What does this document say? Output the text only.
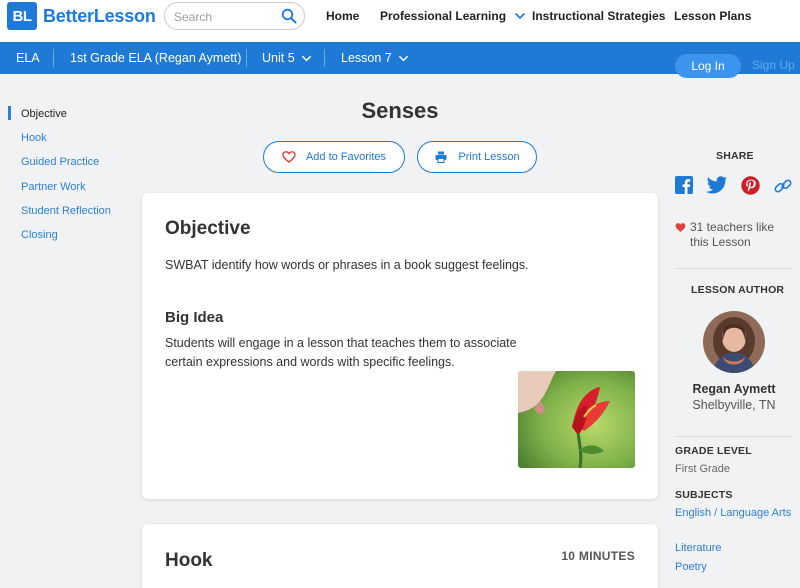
BL BetterLesson
Search	Home Professional Learning Instructional Strategies Lesson Plans
ELA 1st Grade ELA (Regan Aymett) Unit 5	Lesson 7
Log In	Sign Up
Objective
Hook
Guided Practice
Partner Work
Student Reflection
Closing
Senses
Add to Favorites	Print Lesson
Objective

SWBAT identify how words or phrases in a book suggest feelings.

Big Idea

Students will engage in a lesson that teaches them to associate certain expressions and words with specific feelings.

Hook	10 MINUTES
SHARE
31 teachers like this Lesson
LESSON AUTHOR
Regan Aymett
Shelbyville, TN
GRADE LEVEL
First Grade
SUBJECTS
English / Language Arts
Literature
Poetry
